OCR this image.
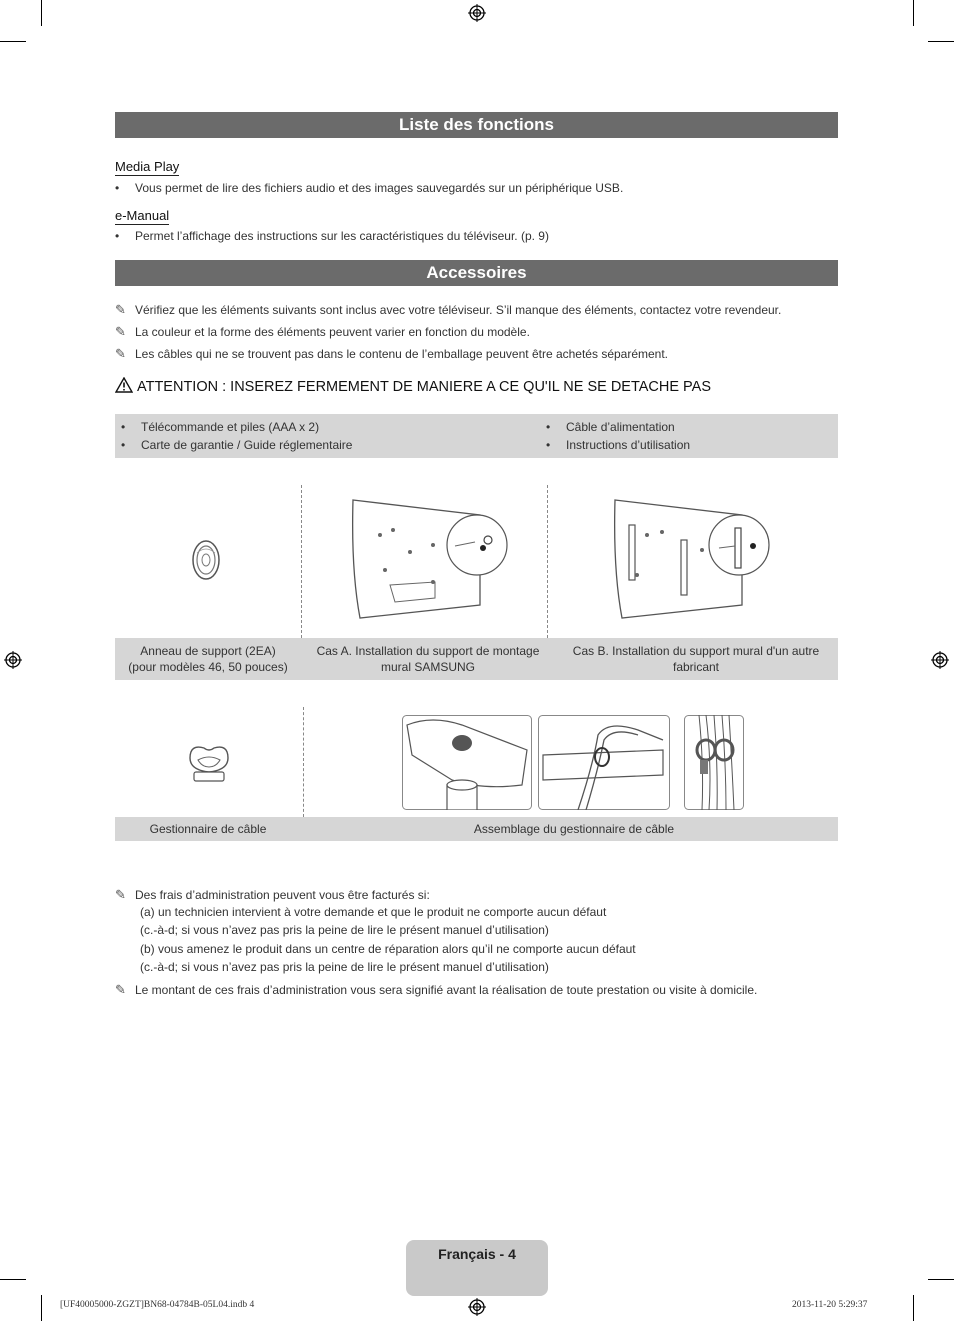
Liste des fonctions
Media Play
• Vous permet de lire des fichiers audio et des images sauvegardés sur un périphérique USB.
e-Manual
• Permet l’affichage des instructions sur les caractéristiques du téléviseur. (p. 9)
Accessoires
✎ Vérifiez que les éléments suivants sont inclus avec votre téléviseur. S’il manque des éléments, contactez votre revendeur.
✎ La couleur et la forme des éléments peuvent varier en fonction du modèle.
✎ Les câbles qui ne se trouvent pas dans le contenu de l’emballage peuvent être achetés séparément.
ATTENTION : INSEREZ FERMEMENT DE MANIERE A CE QU'IL NE SE DETACHE PAS
• Télécommande et piles (AAA x 2)
• Carte de garantie / Guide réglementaire
• Câble d’alimentation
• Instructions d’utilisation
Anneau de support (2EA)
(pour modèles 46, 50 pouces)
Cas A. Installation du support de montage mural SAMSUNG
Cas B. Installation du support mural d'un autre fabricant
Gestionnaire de câble	Assemblage du gestionnaire de câble
✎ Des frais d’administration peuvent vous être facturés si:
(a) un technicien intervient à votre demande et que le produit ne comporte aucun défaut
(c.-à-d; si vous n’avez pas pris la peine de lire le présent manuel d’utilisation)
(b) vous amenez le produit dans un centre de réparation alors qu’il ne comporte aucun défaut
(c.-à-d; si vous n’avez pas pris la peine de lire le présent manuel d’utilisation)
✎ Le montant de ces frais d’administration vous sera signifié avant la réalisation de toute prestation ou visite à domicile.
Français - 4
[UF40005000-ZGZT]BN68-04784B-05L04.indb 4	2013-11-20 5:29:37
